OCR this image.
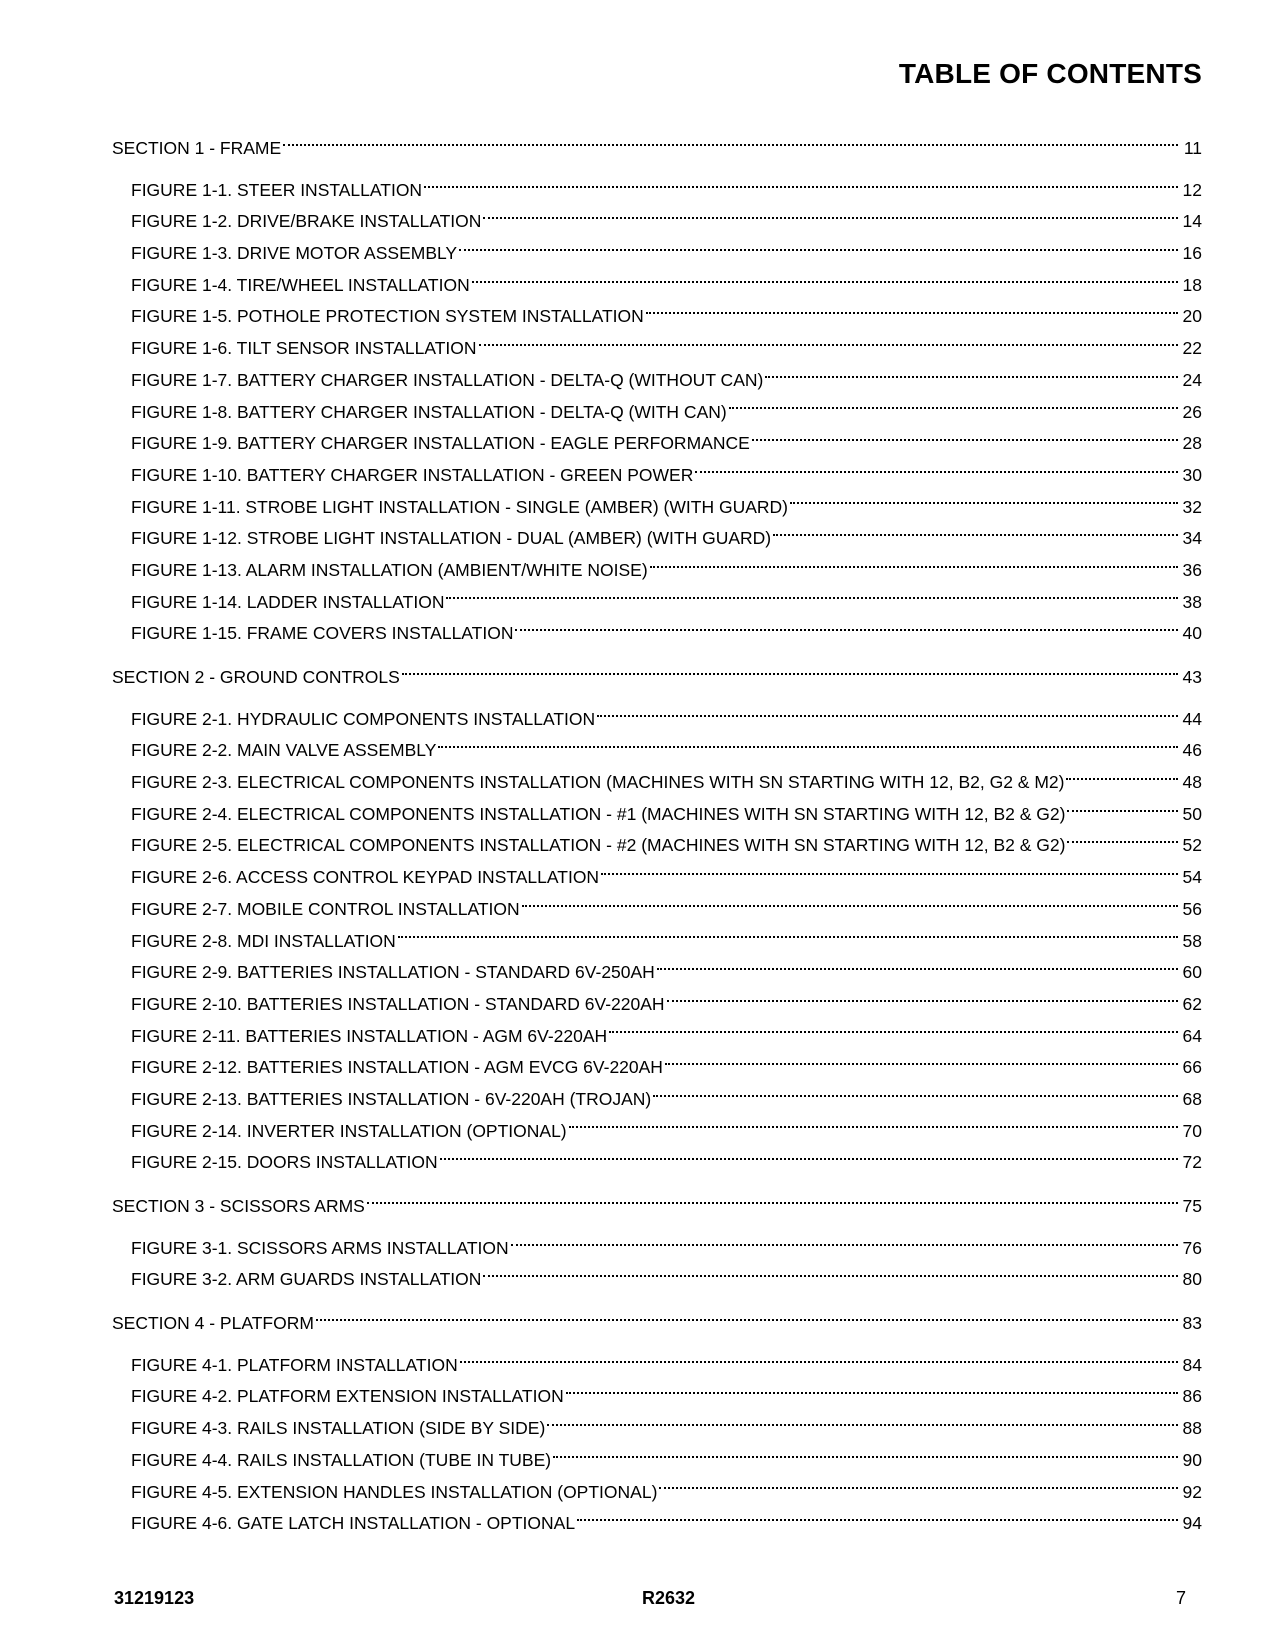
TABLE OF CONTENTS
SECTION 1 - FRAME	11
FIGURE 1-1. STEER INSTALLATION	12
FIGURE 1-2. DRIVE/BRAKE INSTALLATION	14
FIGURE 1-3. DRIVE MOTOR ASSEMBLY	16
FIGURE 1-4. TIRE/WHEEL INSTALLATION	18
FIGURE 1-5. POTHOLE PROTECTION SYSTEM INSTALLATION	20
FIGURE 1-6. TILT SENSOR INSTALLATION	22
FIGURE 1-7. BATTERY CHARGER INSTALLATION - DELTA-Q (WITHOUT CAN)	24
FIGURE 1-8. BATTERY CHARGER INSTALLATION - DELTA-Q (WITH CAN)	26
FIGURE 1-9. BATTERY CHARGER INSTALLATION - EAGLE PERFORMANCE	28
FIGURE 1-10. BATTERY CHARGER INSTALLATION - GREEN POWER	30
FIGURE 1-11. STROBE LIGHT INSTALLATION - SINGLE (AMBER) (WITH GUARD)	32
FIGURE 1-12. STROBE LIGHT INSTALLATION - DUAL (AMBER) (WITH GUARD)	34
FIGURE 1-13. ALARM INSTALLATION (AMBIENT/WHITE NOISE)	36
FIGURE 1-14. LADDER INSTALLATION	38
FIGURE 1-15. FRAME COVERS INSTALLATION	40
SECTION 2 - GROUND CONTROLS	43
FIGURE 2-1. HYDRAULIC COMPONENTS INSTALLATION	44
FIGURE 2-2. MAIN VALVE ASSEMBLY	46
FIGURE 2-3. ELECTRICAL COMPONENTS INSTALLATION (MACHINES WITH SN STARTING WITH 12, B2, G2 & M2)	48
FIGURE 2-4. ELECTRICAL COMPONENTS INSTALLATION - #1 (MACHINES WITH SN STARTING WITH 12, B2 & G2)	50
FIGURE 2-5. ELECTRICAL COMPONENTS INSTALLATION - #2 (MACHINES WITH SN STARTING WITH 12, B2 & G2)	52
FIGURE 2-6. ACCESS CONTROL KEYPAD INSTALLATION	54
FIGURE 2-7. MOBILE CONTROL INSTALLATION	56
FIGURE 2-8. MDI INSTALLATION	58
FIGURE 2-9. BATTERIES INSTALLATION - STANDARD 6V-250AH	60
FIGURE 2-10. BATTERIES INSTALLATION - STANDARD 6V-220AH	62
FIGURE 2-11. BATTERIES INSTALLATION - AGM 6V-220AH	64
FIGURE 2-12. BATTERIES INSTALLATION - AGM EVCG 6V-220AH	66
FIGURE 2-13. BATTERIES INSTALLATION - 6V-220AH (TROJAN)	68
FIGURE 2-14. INVERTER INSTALLATION (OPTIONAL)	70
FIGURE 2-15. DOORS INSTALLATION	72
SECTION 3 - SCISSORS ARMS	75
FIGURE 3-1. SCISSORS ARMS INSTALLATION	76
FIGURE 3-2. ARM GUARDS INSTALLATION	80
SECTION 4 - PLATFORM	83
FIGURE 4-1. PLATFORM INSTALLATION	84
FIGURE 4-2. PLATFORM EXTENSION INSTALLATION	86
FIGURE 4-3. RAILS INSTALLATION (SIDE BY SIDE)	88
FIGURE 4-4. RAILS INSTALLATION (TUBE IN TUBE)	90
FIGURE 4-5. EXTENSION HANDLES INSTALLATION (OPTIONAL)	92
FIGURE 4-6. GATE LATCH INSTALLATION - OPTIONAL	94
31219123	R2632	7
